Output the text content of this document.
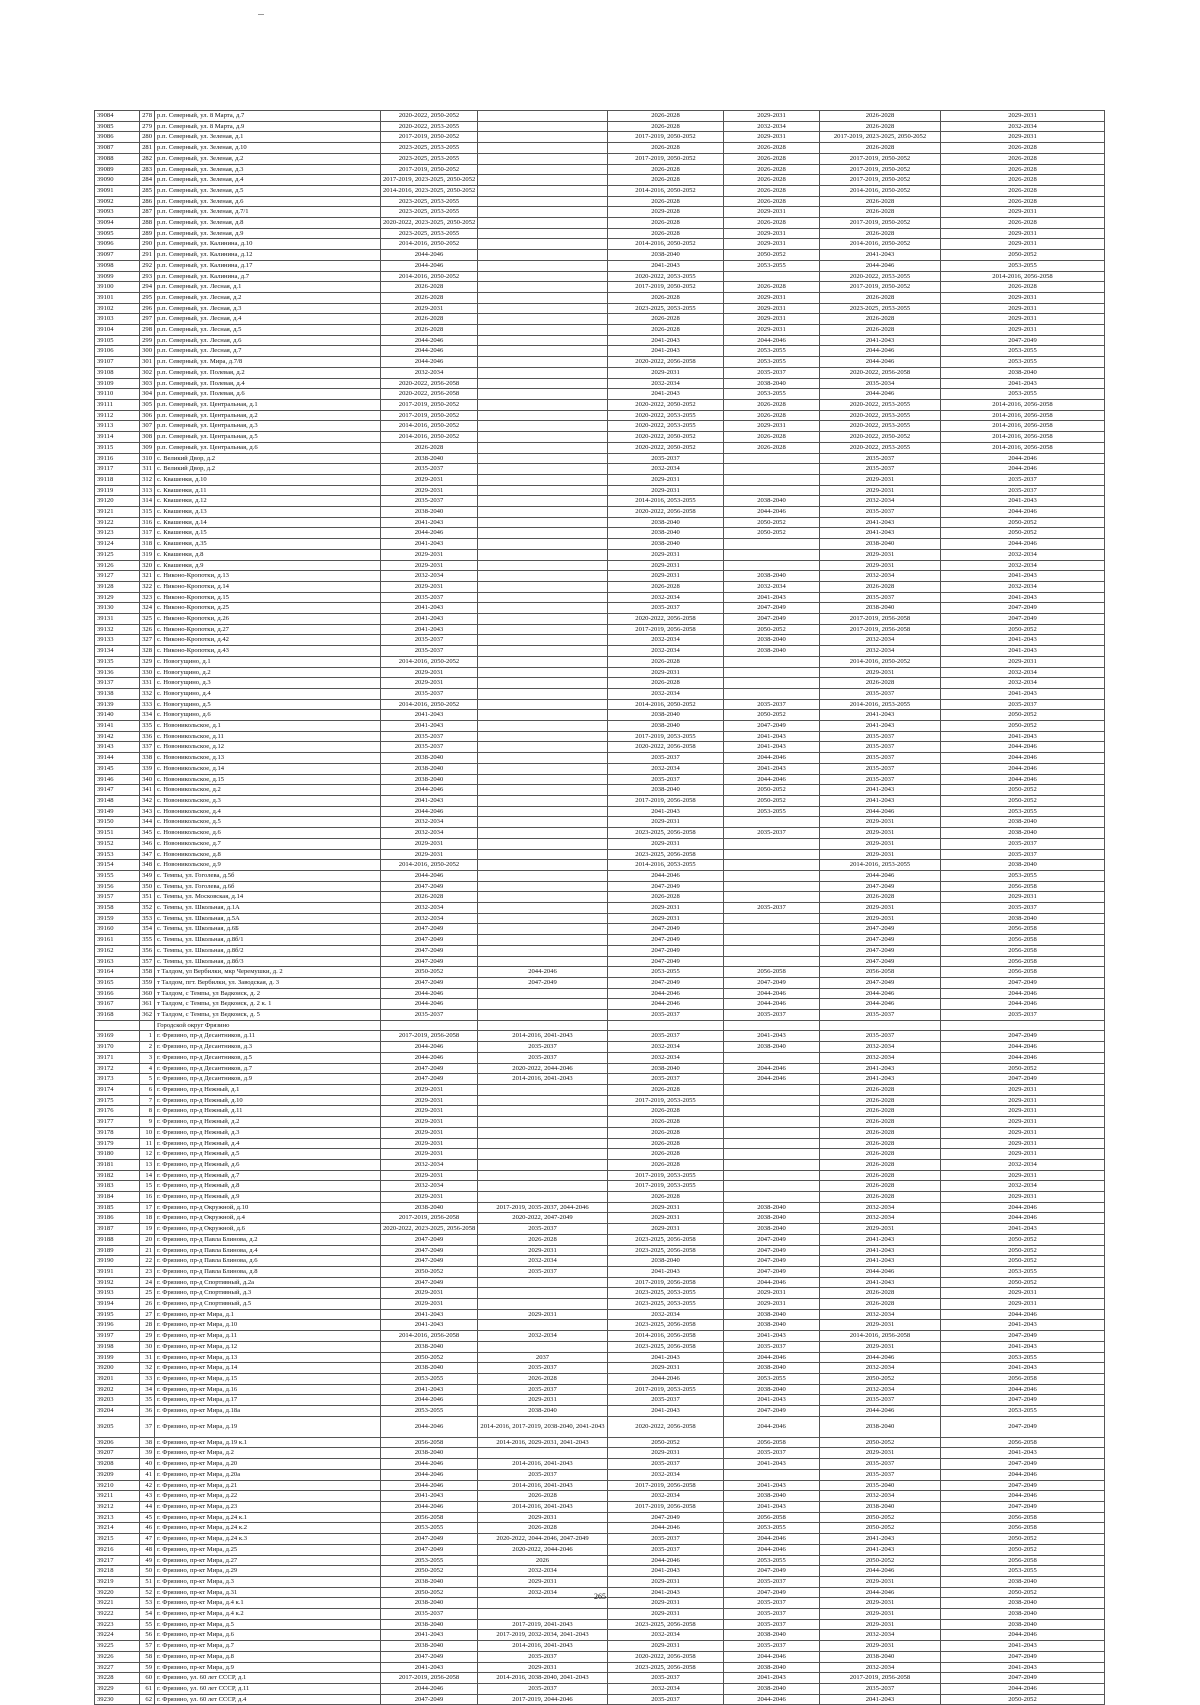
39084	278	р.п. Северный, ул. 8 Марта, д.7	2020-2022, 2050-2052		2026-2028	2029-2031	2026-2028	2029-2031
39085	279	р.п. Северный, ул. 8 Марта, д.9	2020-2022, 2053-2055		2026-2028	2032-2034	2026-2028	2032-2034
39086	280	р.п. Северный, ул. Зеленая, д.1	2017-2019, 2050-2052		2017-2019, 2050-2052	2029-2031	2017-2019, 2023-2025, 2050-2052	2029-2031
39087	281	р.п. Северный, ул. Зеленая, д.10	2023-2025, 2053-2055		2026-2028	2026-2028	2026-2028	2026-2028
39088	282	р.п. Северный, ул. Зеленая, д.2	2023-2025, 2053-2055		2017-2019, 2050-2052	2026-2028	2017-2019, 2050-2052	2026-2028
39089	283	р.п. Северный, ул. Зеленая, д.3	2017-2019, 2050-2052		2026-2028	2026-2028	2017-2019, 2050-2052	2026-2028
39090	284	р.п. Северный, ул. Зеленая, д.4	2017-2019, 2023-2025, 2050-2052		2026-2028	2026-2028	2017-2019, 2050-2052	2026-2028
39091	285	р.п. Северный, ул. Зеленая, д.5	2014-2016, 2023-2025, 2050-2052		2014-2016, 2050-2052	2026-2028	2014-2016, 2050-2052	2026-2028
39092	286	р.п. Северный, ул. Зеленая, д.6	2023-2025, 2053-2055		2026-2028	2026-2028	2026-2028	2026-2028
39093	287	р.п. Северный, ул. Зеленая, д.7/1	2023-2025, 2053-2055		2029-2028	2029-2031	2026-2028	2029-2031
39094	288	р.п. Северный, ул. Зеленая, д.8	2020-2022, 2023-2025, 2050-2052		2026-2028	2026-2028	2017-2019, 2050-2052	2026-2028
39095	289	р.п. Северный, ул. Зеленая, д.9	2023-2025, 2053-2055		2026-2028	2029-2031	2026-2028	2029-2031
39096	290	р.п. Северный, ул. Калинина, д.10	2014-2016, 2050-2052		2014-2016, 2050-2052	2029-2031	2014-2016, 2050-2052	2029-2031
39097	291	р.п. Северный, ул. Калинина, д.12	2044-2046		2038-2040	2050-2052	2041-2043	2050-2052
39098	292	р.п. Северный, ул. Калинина, д.17	2044-2046		2041-2043	2053-2055	2044-2046	2053-2055
39099	293	р.п. Северный, ул. Калинина, д.7	2014-2016, 2050-2052		2020-2022, 2053-2055		2020-2022, 2053-2055	2014-2016, 2056-2058
39100	294	р.п. Северный, ул. Лесная, д.1	2026-2028		2017-2019, 2050-2052	2026-2028	2017-2019, 2050-2052	2026-2028
39101	295	р.п. Северный, ул. Лесная, д.2	2026-2028		2026-2028	2029-2031	2026-2028	2029-2031
39102	296	р.п. Северный, ул. Лесная, д.3	2029-2031		2023-2025, 2053-2055	2029-2031	2023-2025, 2053-2055	2029-2031
39103	297	р.п. Северный, ул. Лесная, д.4	2026-2028		2026-2028	2029-2031	2026-2028	2029-2031
39104	298	р.п. Северный, ул. Лесная, д.5	2026-2028		2026-2028	2029-2031	2026-2028	2029-2031
39105	299	р.п. Северный, ул. Лесная, д.6	2044-2046		2041-2043	2044-2046	2041-2043	2047-2049
39106	300	р.п. Северный, ул. Лесная, д.7	2044-2046		2041-2043	2053-2055	2044-2046	2053-2055
39107	301	р.п. Северный, ул. Мира, д.7/8	2044-2046		2020-2022, 2056-2058	2053-2055	2044-2046	2053-2055
39108	302	р.п. Северный, ул. Полевая, д.2	2032-2034		2029-2031	2035-2037	2020-2022, 2056-2058	2038-2040
39109	303	р.п. Северный, ул. Полевая, д.4	2020-2022, 2056-2058		2032-2034	2038-2040	2035-2034	2041-2043
39110	304	р.п. Северный, ул. Полевая, д.6	2020-2022, 2056-2058		2041-2043	2053-2055	2044-2046	2053-2055
39111	305	р.п. Северный, ул. Центральная, д.1	2017-2019, 2050-2052		2020-2022, 2050-2052	2026-2028	2020-2022, 2053-2055	2014-2016, 2056-2058
39112	306	р.п. Северный, ул. Центральная, д.2	2017-2019, 2050-2052		2020-2022, 2053-2055	2026-2028	2020-2022, 2053-2055	2014-2016, 2056-2058
39113	307	р.п. Северный, ул. Центральная, д.3	2014-2016, 2050-2052		2020-2022, 2053-2055	2029-2031	2020-2022, 2053-2055	2014-2016, 2056-2058
39114	308	р.п. Северный, ул. Центральная, д.5	2014-2016, 2050-2052		2020-2022, 2050-2052	2026-2028	2020-2022, 2050-2052	2014-2016, 2056-2058
39115	309	р.п. Северный, ул. Центральная, д.6	2026-2028		2020-2022, 2050-2052	2026-2028	2020-2022, 2053-2055	2014-2016, 2056-2058
39116	310	с. Великий Двор, д.2	2038-2040		2035-2037		2035-2037	2044-2046
39117	311	с. Великий Двор, д.2	2035-2037		2032-2034		2035-2037	2044-2046
39118	312	с. Квашенки, д.10	2029-2031		2029-2031		2029-2031	2035-2037
39119	313	с. Квашенки, д.11	2029-2031		2029-2031		2029-2031	2035-2037
39120	314	с. Квашенки, д.12	2035-2037		2014-2016, 2053-2055	2038-2040	2032-2034	2041-2043
39121	315	с. Квашенки, д.13	2038-2040		2020-2022, 2056-2058	2044-2046	2035-2037	2044-2046
39122	316	с. Квашенки, д.14	2041-2043		2038-2040	2050-2052	2041-2043	2050-2052
39123	317	с. Квашенки, д.15	2044-2046		2038-2040	2050-2052	2041-2043	2050-2052
39124	318	с. Квашенки, д.35	2041-2043		2038-2040		2038-2040	2044-2046
39125	319	с. Квашенки, д.8	2029-2031		2029-2031		2029-2031	2032-2034
39126	320	с. Квашенки, д.9	2029-2031		2029-2031		2029-2031	2032-2034
39127	321	с. Никоно-Кропотки, д.13	2032-2034		2029-2031	2038-2040	2032-2034	2041-2043
39128	322	с. Никоно-Кропотки, д.14	2029-2031		2026-2028	2032-2034	2026-2028	2032-2034
39129	323	с. Никоно-Кропотки, д.15	2035-2037		2032-2034	2041-2043	2035-2037	2041-2043
39130	324	с. Никоно-Кропотки, д.25	2041-2043		2035-2037	2047-2049	2038-2040	2047-2049
39131	325	с. Никоно-Кропотки, д.26	2041-2043		2020-2022, 2056-2058	2047-2049	2017-2019, 2056-2058	2047-2049
39132	326	с. Никоно-Кропотки, д.27	2041-2043		2017-2019, 2056-2058	2050-2052	2017-2019, 2056-2058	2050-2052
39133	327	с. Никоно-Кропотки, д.42	2035-2037		2032-2034	2038-2040	2032-2034	2041-2043
39134	328	с. Никоно-Кропотки, д.43	2035-2037		2032-2034	2038-2040	2032-2034	2041-2043
39135	329	с. Новогущино, д.1	2014-2016, 2050-2052		2026-2028		2014-2016, 2050-2052	2029-2031
39136	330	с. Новогущино, д.2	2029-2031		2029-2031		2029-2031	2032-2034
39137	331	с. Новогущино, д.3	2029-2031		2026-2028		2026-2028	2032-2034
39138	332	с. Новогущино, д.4	2035-2037		2032-2034		2035-2037	2041-2043
39139	333	с. Новогущино, д.5	2014-2016, 2050-2052		2014-2016, 2050-2052	2035-2037	2014-2016, 2053-2055	2035-2037
39140	334	с. Новогущино, д.6	2041-2043		2038-2040	2050-2052	2041-2043	2050-2052
39141	335	с. Новоникольское, д.1	2041-2043		2038-2040	2047-2049	2041-2043	2050-2052
39142	336	с. Новоникольское, д.11	2035-2037		2017-2019, 2053-2055	2041-2043	2035-2037	2041-2043
39143	337	с. Новоникольское, д.12	2035-2037		2020-2022, 2056-2058	2041-2043	2035-2037	2044-2046
39144	338	с. Новоникольское, д.13	2038-2040		2035-2037	2044-2046	2035-2037	2044-2046
39145	339	с. Новоникольское, д.14	2038-2040		2032-2034	2041-2043	2035-2037	2044-2046
39146	340	с. Новоникольское, д.15	2038-2040		2035-2037	2044-2046	2035-2037	2044-2046
39147	341	с. Новоникольское, д.2	2044-2046		2038-2040	2050-2052	2041-2043	2050-2052
39148	342	с. Новоникольское, д.3	2041-2043		2017-2019, 2056-2058	2050-2052	2041-2043	2050-2052
39149	343	с. Новоникольское, д.4	2044-2046		2041-2043	2053-2055	2044-2046	2053-2055
39150	344	с. Новоникольское, д.5	2032-2034		2029-2031		2029-2031	2038-2040
39151	345	с. Новоникольское, д.6	2032-2034		2023-2025, 2056-2058	2035-2037	2029-2031	2038-2040
39152	346	с. Новоникольское, д.7	2029-2031		2029-2031		2029-2031	2035-2037
39153	347	с. Новоникольское, д.8	2029-2031		2023-2025, 2056-2058		2029-2031	2035-2037
39154	348	с. Новоникольское, д.9	2014-2016, 2050-2052		2014-2016, 2053-2055		2014-2016, 2053-2055	2038-2040
39155	349	с. Темпы, ул. Гоголева, д.5б	2044-2046		2044-2046		2044-2046	2053-2055
39156	350	с. Темпы, ул. Гоголева, д.6б	2047-2049		2047-2049		2047-2049	2056-2058
39157	351	с. Темпы, ул. Московская, д.14	2026-2028		2026-2028		2026-2028	2029-2031
39158	352	с. Темпы, ул. Школьная, д.1А	2032-2034		2029-2031	2035-2037	2029-2031	2035-2037
39159	353	с. Темпы, ул. Школьная, д.5А	2032-2034		2029-2031		2029-2031	2038-2040
39160	354	с. Темпы, ул. Школьная, д.6Б	2047-2049		2047-2049		2047-2049	2056-2058
39161	355	с. Темпы, ул. Школьная, д.8б/1	2047-2049		2047-2049		2047-2049	2056-2058
39162	356	с. Темпы, ул. Школьная, д.8б/2	2047-2049		2047-2049		2047-2049	2056-2058
39163	357	с. Темпы, ул. Школьная, д.8б/3	2047-2049		2047-2049		2047-2049	2056-2058
39164	358	т Талдом, ул Вербилки, мкр Черемушки, д. 2	2050-2052	2044-2046	2053-2055	2056-2058	2056-2058	2056-2058
39165	359	т Талдом, пгт. Вербилки, ул. Заводская, д. 3	2047-2049	2047-2049	2047-2049	2047-2049	2047-2049	2047-2049
39166	360	т Талдом, с Темпы, ул Вадкоиск, д. 2	2044-2046		2044-2046	2044-2046	2044-2046	2044-2046
39167	361	т Талдом, с Темпы, ул Ведкоиск, д. 2 к. 1	2044-2046		2044-2046	2044-2046	2044-2046	2044-2046
39168	362	т Талдом, с Темпы, ул Ведкоиск, д. 5	2035-2037		2035-2037	2035-2037	2035-2037	2035-2037
		Городской округ Фрязино						
39169	1	г. Фрязино, пр-д Десантников, д.11	2017-2019, 2056-2058	2014-2016, 2041-2043	2035-2037	2041-2043	2035-2037	2047-2049
39170	2	г. Фрязино, пр-д Десантников, д.3	2044-2046	2035-2037	2032-2034	2038-2040	2032-2034	2044-2046
39171	3	г. Фрязино, пр-д Десантников, д.5	2044-2046	2035-2037	2032-2034		2032-2034	2044-2046
39172	4	г. Фрязино, пр-д Десантников, д.7	2047-2049	2020-2022, 2044-2046	2038-2040	2044-2046	2041-2043	2050-2052
39173	5	г. Фрязино, пр-д Десантников, д.9	2047-2049	2014-2016, 2041-2043	2035-2037	2044-2046	2041-2043	2047-2049
39174	6	г. Фрязино, пр-д Нежный, д.1	2029-2031		2026-2028		2026-2028	2029-2031
39175	7	г. Фрязино, пр-д Нежный, д.10	2029-2031		2017-2019, 2053-2055		2026-2028	2029-2031
39176	8	г. Фрязино, пр-д Нежный, д.11	2029-2031		2026-2028		2026-2028	2029-2031
39177	9	г. Фрязино, пр-д Нежный, д.2	2029-2031		2026-2028		2026-2028	2029-2031
39178	10	г. Фрязино, пр-д Нежный, д.3	2029-2031		2026-2028		2026-2028	2029-2031
39179	11	г. Фрязино, пр-д Нежный, д.4	2029-2031		2026-2028		2026-2028	2029-2031
39180	12	г. Фрязино, пр-д Нежный, д.5	2029-2031		2026-2028		2026-2028	2029-2031
39181	13	г. Фрязино, пр-д Нежный, д.6	2032-2034		2026-2028		2026-2028	2032-2034
39182	14	г. Фрязино, пр-д Нежный, д.7	2029-2031		2017-2019, 2053-2055		2026-2028	2029-2031
39183	15	г. Фрязино, пр-д Нежный, д.8	2032-2034		2017-2019, 2053-2055		2026-2028	2032-2034
39184	16	г. Фрязино, пр-д Нежный, д.9	2029-2031		2026-2028		2026-2028	2029-2031
39185	17	г. Фрязино, пр-д Окружной, д.10	2038-2040	2017-2019, 2035-2037, 2044-2046	2029-2031	2038-2040	2032-2034	2044-2046
39186	18	г. Фрязино, пр-д Окружной, д.4	2017-2019, 2056-2058	2020-2022, 2047-2049	2029-2031	2038-2040	2032-2034	2044-2046
39187	19	г. Фрязино, пр-д Окружной, д.6	2020-2022, 2023-2025, 2056-2058	2035-2037	2029-2031	2038-2040	2029-2031	2041-2043
39188	20	г. Фрязино, пр-д Павла Блинова, д.2	2047-2049	2026-2028	2023-2025, 2056-2058	2047-2049	2041-2043	2050-2052
39189	21	г. Фрязино, пр-д Павла Блинова, д.4	2047-2049	2029-2031	2023-2025, 2056-2058	2047-2049	2041-2043	2050-2052
39190	22	г. Фрязино, пр-д Павла Блинова, д.6	2047-2049	2032-2034	2038-2040	2047-2049	2041-2043	2050-2052
39191	23	г. Фрязино, пр-д Павла Блинова, д.8	2050-2052	2035-2037	2041-2043	2047-2049	2044-2046	2053-2055
39192	24	г. Фрязино, пр-д Спортивный, д.2а	2047-2049		2017-2019, 2056-2058	2044-2046	2041-2043	2050-2052
39193	25	г. Фрязино, пр-д Спортивный, д.3	2029-2031		2023-2025, 2053-2055	2029-2031	2026-2028	2029-2031
39194	26	г. Фрязино, пр-д Спортивный, д.5	2029-2031		2023-2025, 2053-2055	2029-2031	2026-2028	2029-2031
39195	27	г. Фрязино, пр-кт Мира, д.1	2041-2043	2029-2031	2032-2034	2038-2040	2032-2034	2044-2046
39196	28	г. Фрязино, пр-кт Мира, д.10	2041-2043		2023-2025, 2056-2058	2038-2040	2029-2031	2041-2043
39197	29	г. Фрязино, пр-кт Мира, д.11	2014-2016, 2056-2058	2032-2034	2014-2016, 2056-2058	2041-2043	2014-2016, 2056-2058	2047-2049
39198	30	г. Фрязино, пр-кт Мира, д.12	2038-2040		2023-2025, 2056-2058	2035-2037	2029-2031	2041-2043
39199	31	г. Фрязино, пр-кт Мира, д.13	2050-2052	2037	2041-2043	2044-2046	2044-2046	2053-2055
39200	32	г. Фрязино, пр-кт Мира, д.14	2038-2040	2035-2037	2029-2031	2038-2040	2032-2034	2041-2043
39201	33	г. Фрязино, пр-кт Мира, д.15	2053-2055	2026-2028	2044-2046	2053-2055	2050-2052	2056-2058
39202	34	г. Фрязино, пр-кт Мира, д.16	2041-2043	2035-2037	2017-2019, 2053-2055	2038-2040	2032-2034	2044-2046
39203	35	г. Фрязино, пр-кт Мира, д.17	2044-2046	2029-2031	2035-2037	2041-2043	2035-2037	2047-2049
39204	36	г. Фрязино, пр-кт Мира, д.18а	2053-2055	2038-2040	2041-2043	2047-2049	2044-2046	2053-2055
39205	37	г. Фрязино, пр-кт Мира, д.19	2044-2046	2014-2016, 2017-2019, 2038-2040, 2041-2043	2020-2022, 2056-2058	2044-2046	2038-2040	2047-2049
39206	38	г. Фрязино, пр-кт Мира, д.19 к.1	2056-2058	2014-2016, 2029-2031, 2041-2043	2050-2052	2056-2058	2050-2052	2056-2058
39207	39	г. Фрязино, пр-кт Мира, д.2	2038-2040		2029-2031	2035-2037	2029-2031	2041-2043
39208	40	г. Фрязино, пр-кт Мира, д.20	2044-2046	2014-2016, 2041-2043	2035-2037	2041-2043	2035-2037	2047-2049
39209	41	г. Фрязино, пр-кт Мира, д.20а	2044-2046	2035-2037	2032-2034		2035-2037	2044-2046
39210	42	г. Фрязино, пр-кт Мира, д.21	2044-2046	2014-2016, 2041-2043	2017-2019, 2056-2058	2041-2043	2035-2040	2047-2049
39211	43	г. Фрязино, пр-кт Мира, д.22	2041-2043	2026-2028	2032-2034	2038-2040	2032-2034	2044-2046
39212	44	г. Фрязино, пр-кт Мира, д.23	2044-2046	2014-2016, 2041-2043	2017-2019, 2056-2058	2041-2043	2038-2040	2047-2049
39213	45	г. Фрязино, пр-кт Мира, д.24 к.1	2056-2058	2029-2031	2047-2049	2056-2058	2050-2052	2056-2058
39214	46	г. Фрязино, пр-кт Мира, д.24 к.2	2053-2055	2026-2028	2044-2046	2053-2055	2050-2052	2056-2058
39215	47	г. Фрязино, пр-кт Мира, д.24 к.3	2047-2049	2020-2022, 2044-2046, 2047-2049	2035-2037	2044-2046	2041-2043	2050-2052
39216	48	г. Фрязино, пр-кт Мира, д.25	2047-2049	2020-2022, 2044-2046	2035-2037	2044-2046	2041-2043	2050-2052
39217	49	г. Фрязино, пр-кт Мира, д.27	2053-2055	2026	2044-2046	2053-2055	2050-2052	2056-2058
39218	50	г. Фрязино, пр-кт Мира, д.29	2050-2052	2032-2034	2041-2043	2047-2049	2044-2046	2053-2055
39219	51	г. Фрязино, пр-кт Мира, д.3	2038-2040	2029-2031	2029-2031	2035-2037	2029-2031	2038-2040
39220	52	г. Фрязино, пр-кт Мира, д.31	2050-2052	2032-2034	2041-2043	2047-2049	2044-2046	2050-2052
39221	53	г. Фрязино, пр-кт Мира, д.4 к.1	2038-2040		2029-2031	2035-2037	2029-2031	2038-2040
39222	54	г. Фрязино, пр-кт Мира, д.4 к.2	2035-2037		2029-2031	2035-2037	2029-2031	2038-2040
39223	55	г. Фрязино, пр-кт Мира, д.5	2038-2040	2017-2019, 2041-2043	2023-2025, 2056-2058	2035-2037	2029-2031	2038-2040
39224	56	г. Фрязино, пр-кт Мира, д.6	2041-2043	2017-2019, 2032-2034, 2041-2043	2032-2034	2038-2040	2032-2034	2044-2046
39225	57	г. Фрязино, пр-кт Мира, д.7	2038-2040	2014-2016, 2041-2043	2029-2031	2035-2037	2029-2031	2041-2043
39226	58	г. Фрязино, пр-кт Мира, д.8	2047-2049	2035-2037	2020-2022, 2056-2058	2044-2046	2038-2040	2047-2049
39227	59	г. Фрязино, пр-кт Мира, д.9	2041-2043	2029-2031	2023-2025, 2056-2058	2038-2040	2032-2034	2041-2043
39228	60	г. Фрязино, ул. 60 лет СССР, д.1	2017-2019, 2056-2058	2014-2016, 2038-2040, 2041-2043	2035-2037	2041-2043	2017-2019, 2056-2058	2047-2049
39229	61	г. Фрязино, ул. 60 лет СССР, д.11	2044-2046	2035-2037	2032-2034	2038-2040	2035-2037	2044-2046
39230	62	г. Фрязино, ул. 60 лет СССР, д.4	2047-2049	2017-2019, 2044-2046	2035-2037	2044-2046	2041-2043	2050-2052
265
